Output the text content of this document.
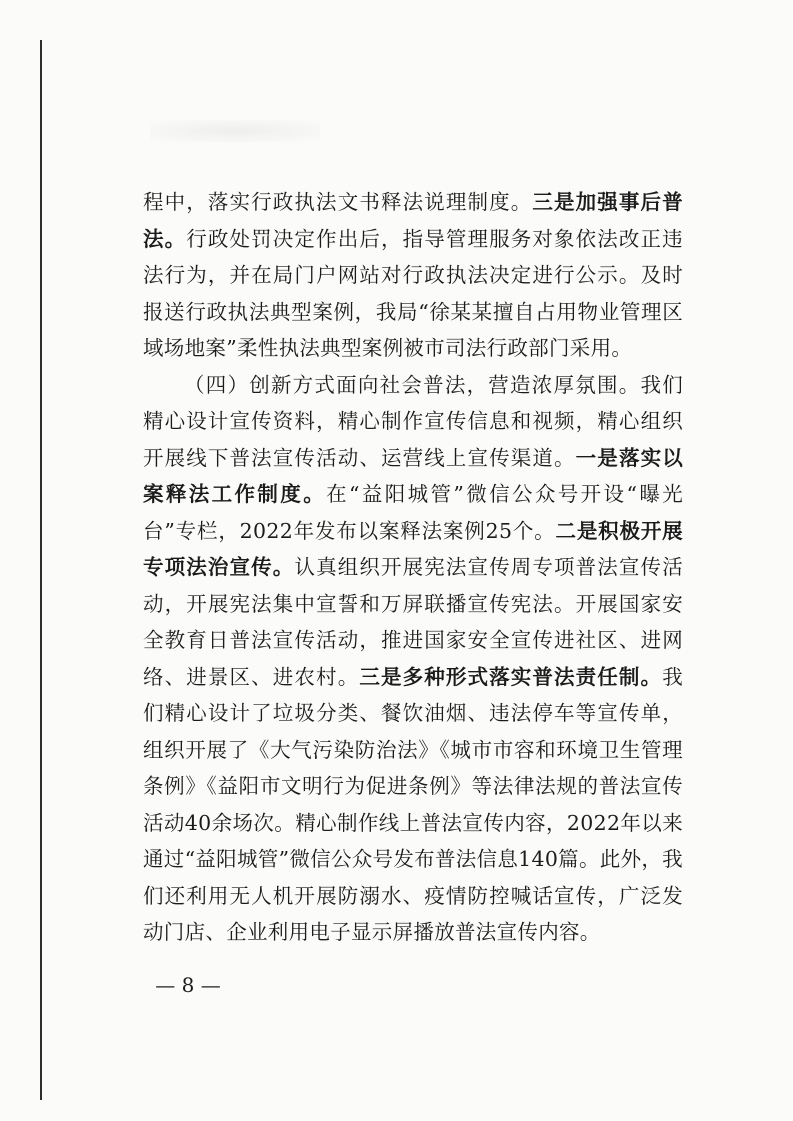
程中，落实行政执法文书释法说理制度。三是加强事后普法。行政处罚决定作出后，指导管理服务对象依法改正违法行为，并在局门户网站对行政执法决定进行公示。及时报送行政执法典型案例，我局“徐某某擅自占用物业管理区域场地案”柔性执法典型案例被市司法行政部门采用。

（四）创新方式面向社会普法，营造浓厚氛围。我们精心设计宣传资料，精心制作宣传信息和视频，精心组织开展线下普法宣传活动、运营线上宣传渠道。一是落实以案释法工作制度。在“益阳城管”微信公众号开设“曝光台”专栏，2022年发布以案释法案例25个。二是积极开展专项法治宣传。认真组织开展宪法宣传周专项普法宣传活动，开展宪法集中宣誓和万屏联播宣传宪法。开展国家安全教育日普法宣传活动，推进国家安全宣传进社区、进网络、进景区、进农村。三是多种形式落实普法责任制。我们精心设计了垃圾分类、餐饮油烟、违法停车等宣传单，组织开展了《大气污染防治法》《城市市容和环境卫生管理条例》《益阳市文明行为促进条例》等法律法规的普法宣传活动40余场次。精心制作线上普法宣传内容，2022年以来通过“益阳城管”微信公众号发布普法信息140篇。此外，我们还利用无人机开展防溺水、疫情防控喊话宣传，广泛发动门店、企业利用电子显示屏播放普法宣传内容。

— 8 —
